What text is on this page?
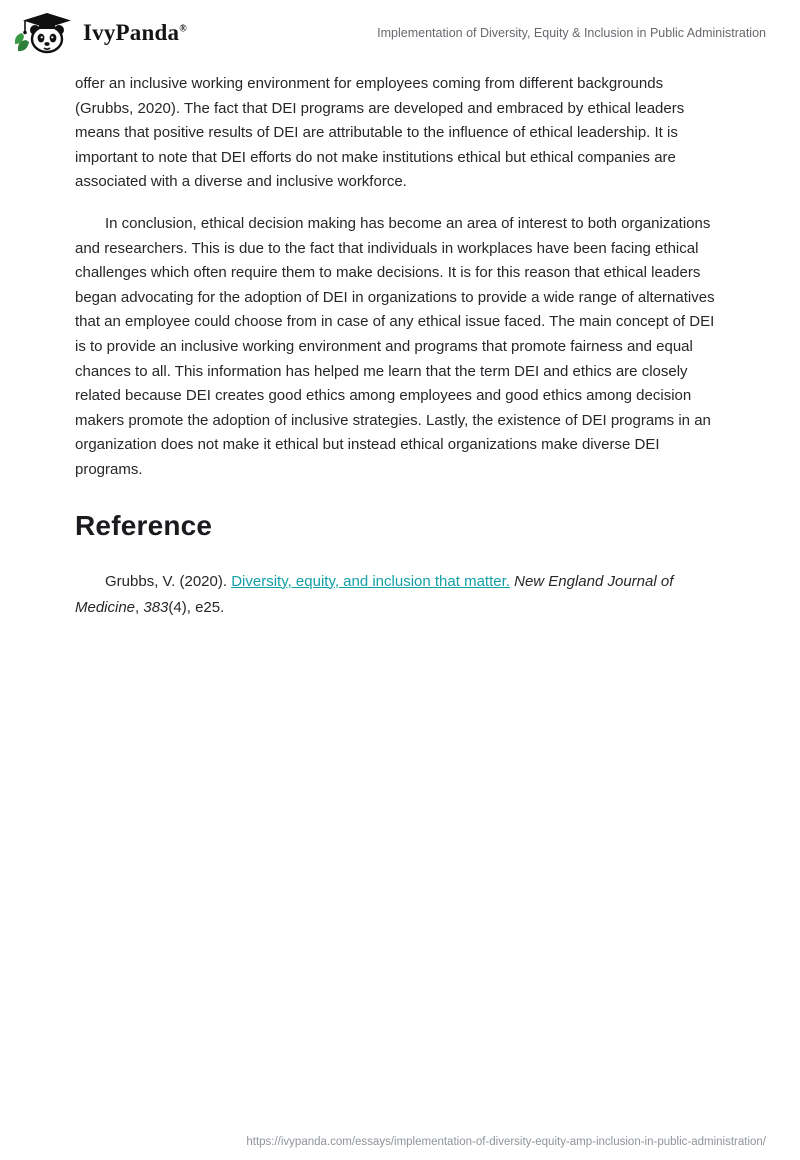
IvyPanda®	Implementation of Diversity, Equity & Inclusion in Public Administration

offer an inclusive working environment for employees coming from different backgrounds (Grubbs, 2020). The fact that DEI programs are developed and embraced by ethical leaders means that positive results of DEI are attributable to the influence of ethical leadership. It is important to note that DEI efforts do not make institutions ethical but ethical companies are associated with a diverse and inclusive workforce.

In conclusion, ethical decision making has become an area of interest to both organizations and researchers. This is due to the fact that individuals in workplaces have been facing ethical challenges which often require them to make decisions. It is for this reason that ethical leaders began advocating for the adoption of DEI in organizations to provide a wide range of alternatives that an employee could choose from in case of any ethical issue faced. The main concept of DEI is to provide an inclusive working environment and programs that promote fairness and equal chances to all. This information has helped me learn that the term DEI and ethics are closely related because DEI creates good ethics among employees and good ethics among decision makers promote the adoption of inclusive strategies. Lastly, the existence of DEI programs in an organization does not make it ethical but instead ethical organizations make diverse DEI programs.

Reference

Grubbs, V. (2020). Diversity, equity, and inclusion that matter. New England Journal of Medicine, 383(4), e25.

https://ivypanda.com/essays/implementation-of-diversity-equity-amp-inclusion-in-public-administration/
